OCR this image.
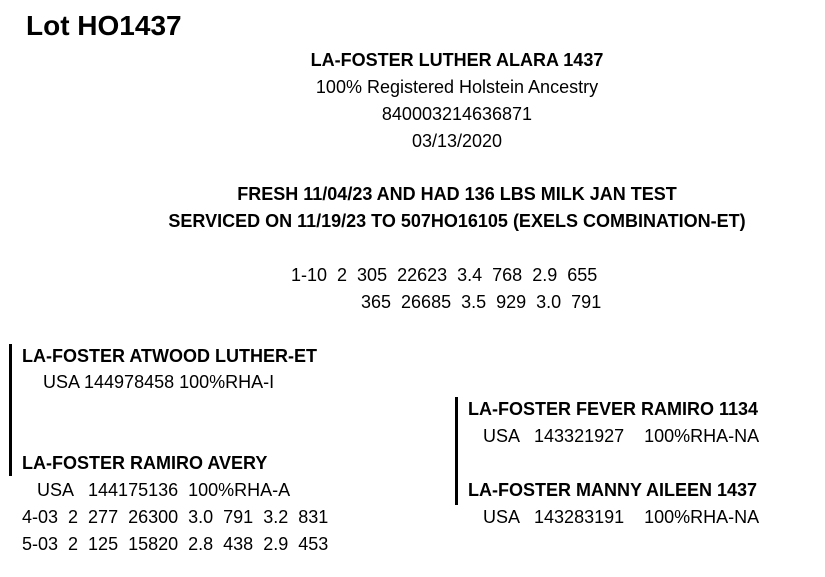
Lot HO1437
LA-FOSTER LUTHER ALARA 1437
100% Registered Holstein Ancestry
840003214636871
03/13/2020
FRESH 11/04/23 AND HAD 136 LBS MILK JAN TEST
SERVICED ON 11/19/23 TO 507HO16105 (EXELS COMBINATION-ET)
1-10  2  305  22623  3.4  768  2.9  655
365  26685  3.5  929  3.0  791
LA-FOSTER ATWOOD LUTHER-ET
USA 144978458 100%RHA-I
LA-FOSTER RAMIRO AVERY
USA   144175136  100%RHA-A
4-03  2  277  26300  3.0  791  3.2  831
5-03  2  125  15820  2.8  438  2.9  453
LA-FOSTER FEVER RAMIRO 1134
USA   143321927    100%RHA-NA
LA-FOSTER MANNY AILEEN 1437
USA   143283191    100%RHA-NA
